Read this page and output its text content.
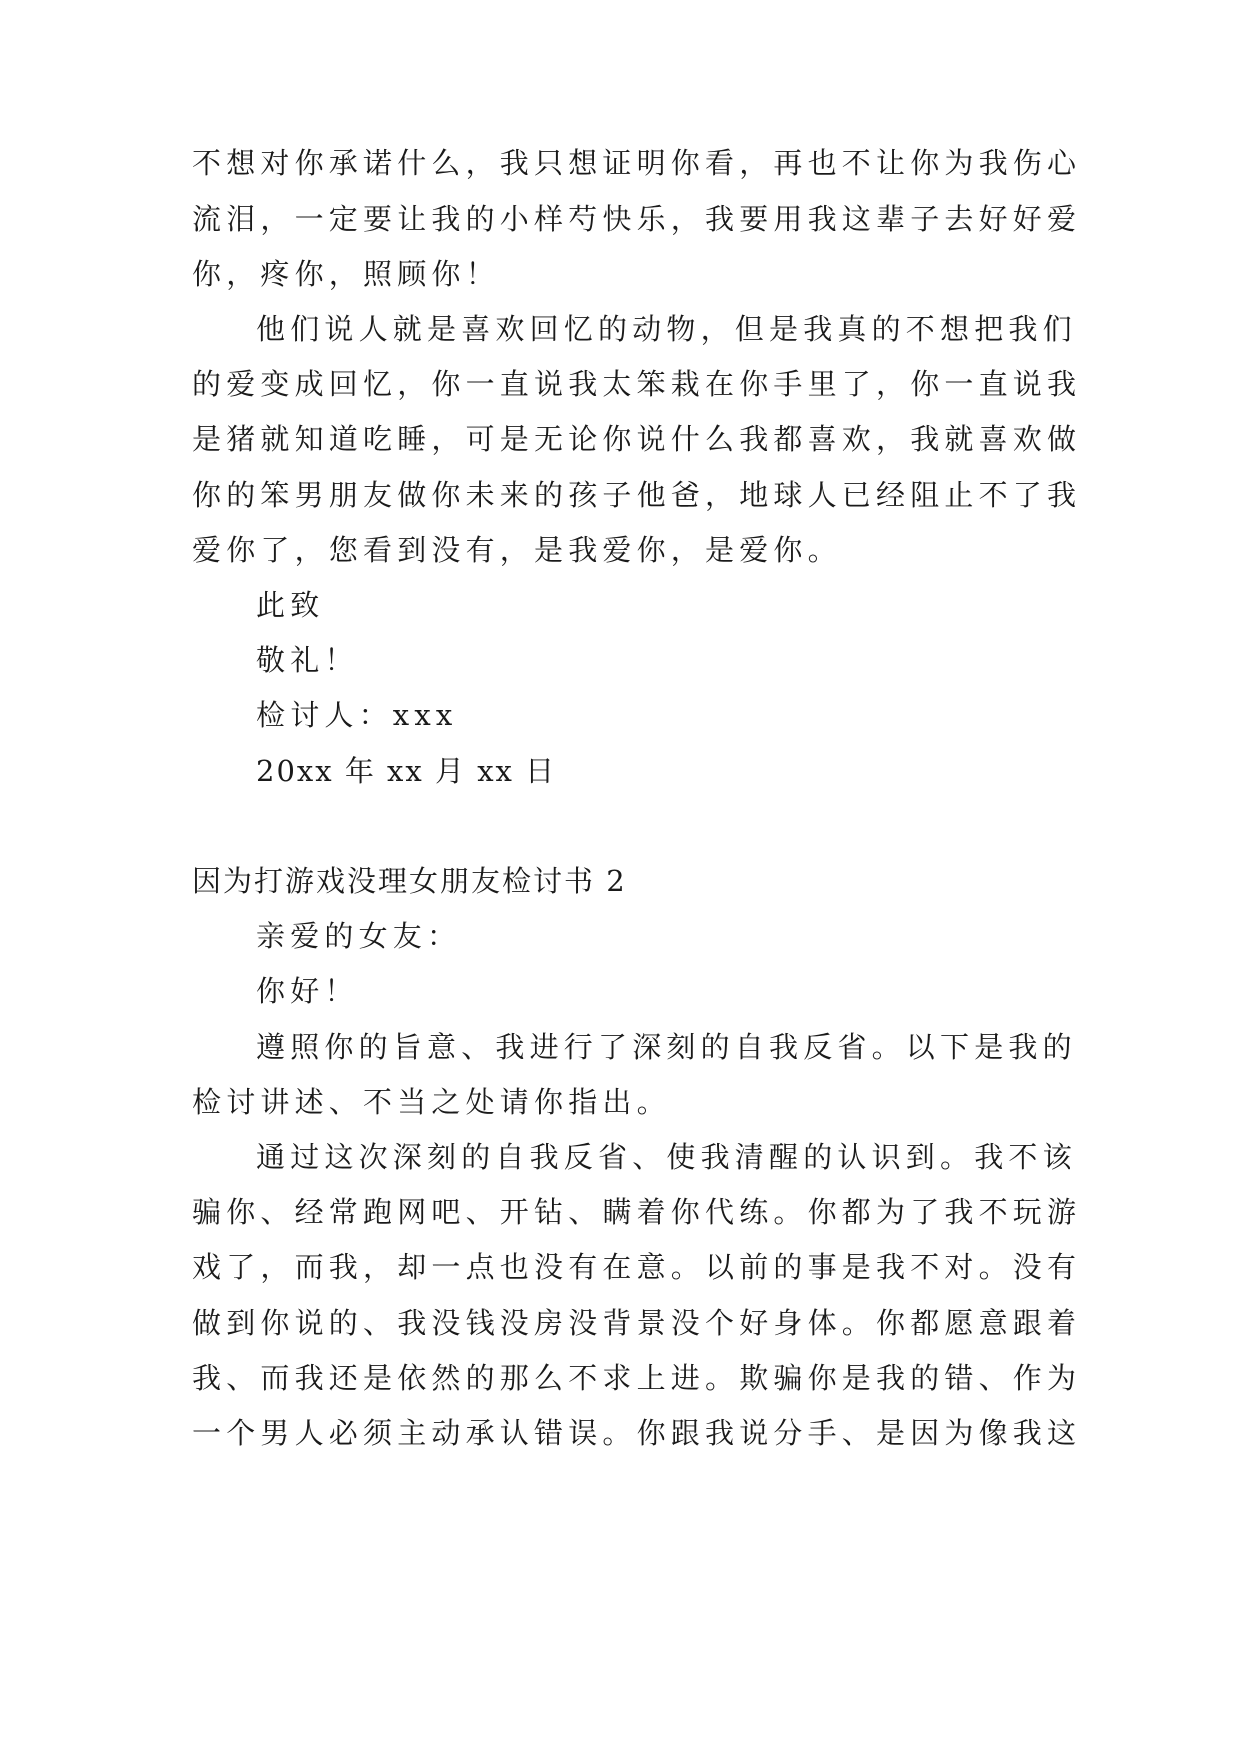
不想对你承诺什么，我只想证明你看，再也不让你为我伤心
流泪，一定要让我的小样芍快乐，我要用我这辈子去好好爱
你，疼你，照顾你！
他们说人就是喜欢回忆的动物，但是我真的不想把我们
的爱变成回忆，你一直说我太笨栽在你手里了，你一直说我
是猪就知道吃睡，可是无论你说什么我都喜欢，我就喜欢做
你的笨男朋友做你未来的孩子他爸，地球人已经阻止不了我
爱你了，您看到没有，是我爱你，是爱你。
此致
敬礼！
检讨人：xxx
20xx 年 xx 月 xx 日
因为打游戏没理女朋友检讨书 2
亲爱的女友：
你好！
遵照你的旨意、我进行了深刻的自我反省。以下是我的
检讨讲述、不当之处请你指出。
通过这次深刻的自我反省、使我清醒的认识到。我不该
骗你、经常跑网吧、开钻、瞒着你代练。你都为了我不玩游
戏了，而我，却一点也没有在意。以前的事是我不对。没有
做到你说的、我没钱没房没背景没个好身体。你都愿意跟着
我、而我还是依然的那么不求上进。欺骗你是我的错、作为
一个男人必须主动承认错误。你跟我说分手、是因为像我这
